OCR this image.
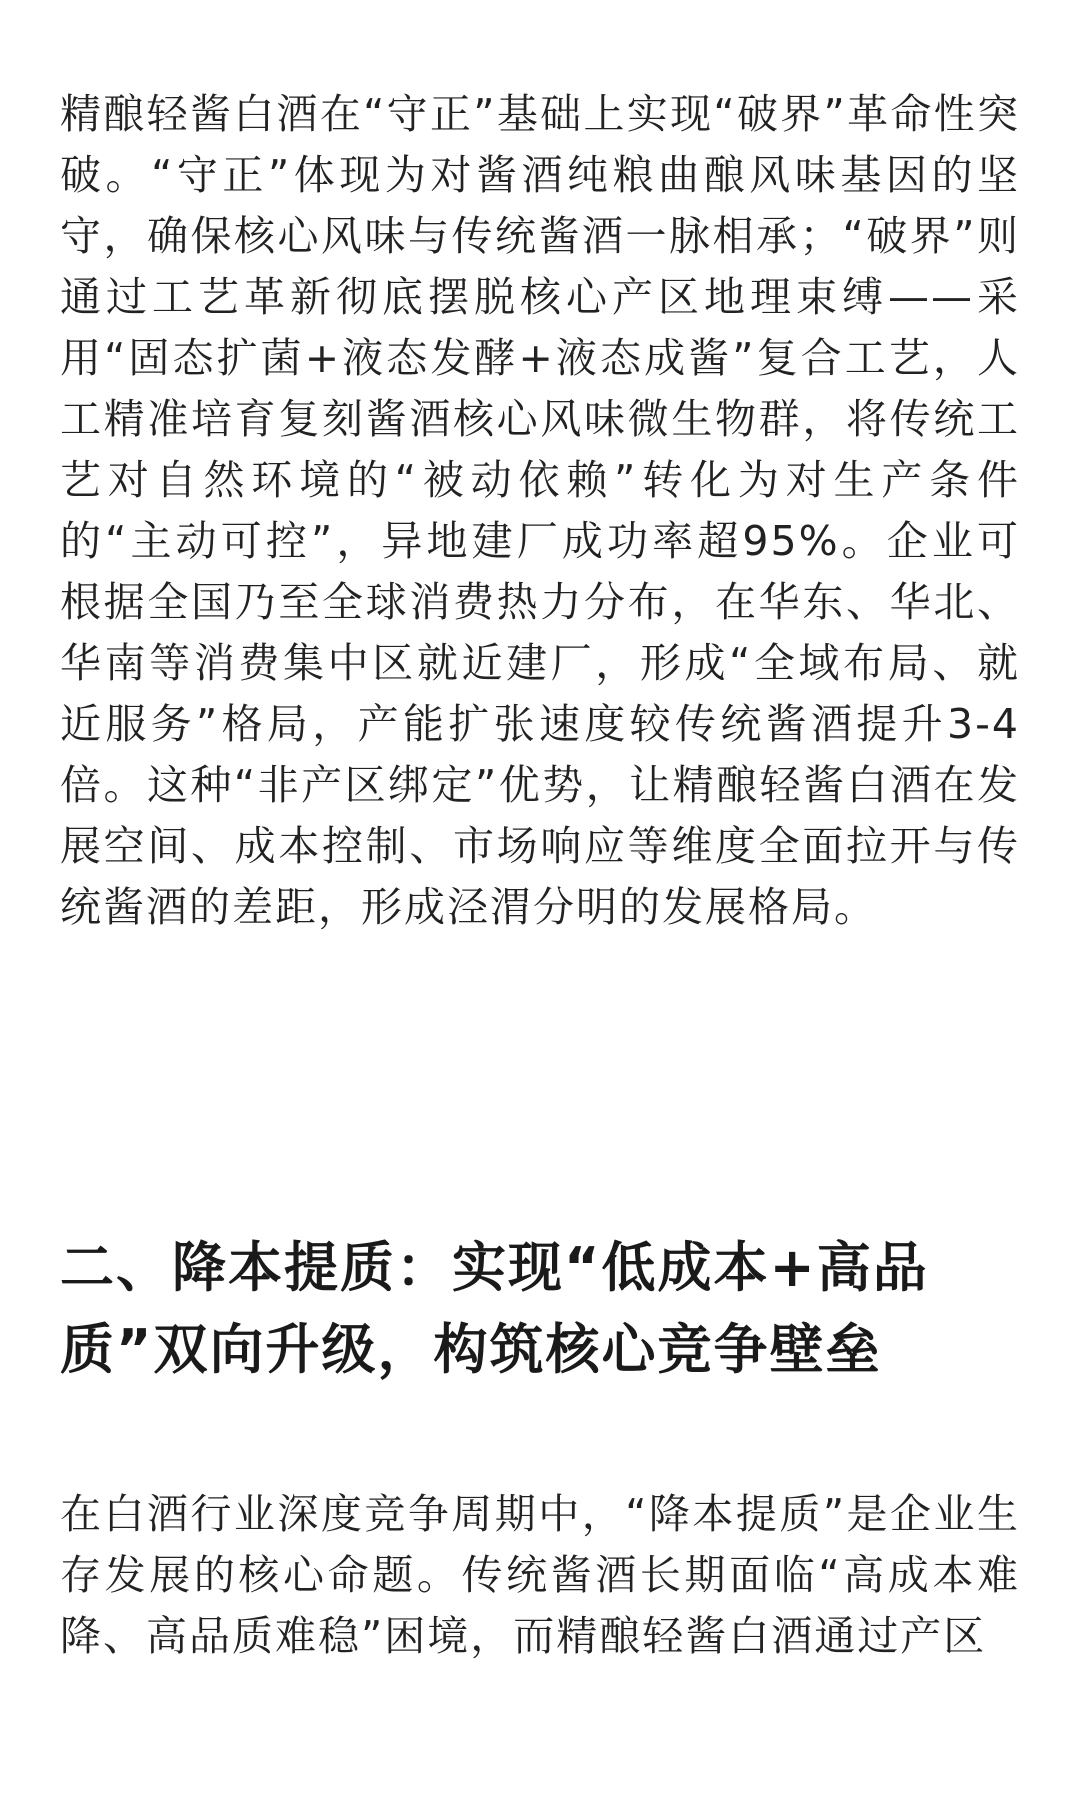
精酿轻酱白酒在“守正”基础上实现“破界”革命性突破。“守正”体现为对酱酒纯粮曲酿风味基因的坚守，确保核心风味与传统酱酒一脉相承；“破界”则通过工艺革新彻底摆脱核心产区地理束缚——采用“固态扩菌+液态发酵+液态成酱”复合工艺，人工精准培育复刻酱酒核心风味微生物群，将传统工艺对自然环境的“被动依赖”转化为对生产条件的“主动可控”，异地建厂成功率超95%。企业可根据全国乃至全球消费热力分布，在华东、华北、华南等消费集中区就近建厂，形成“全域布局、就近服务”格局，产能扩张速度较传统酱酒提升3-4倍。这种“非产区绑定”优势，让精酿轻酱白酒在发展空间、成本控制、市场响应等维度全面拉开与传统酱酒的差距，形成泾渭分明的发展格局。

二、降本提质：实现“低成本+高品质”双向升级，构筑核心竞争壁垒

在白酒行业深度竞争周期中，“降本提质”是企业生存发展的核心命题。传统酱酒长期面临“高成本难降、高品质难稳”困境，而精酿轻酱白酒通过产区
